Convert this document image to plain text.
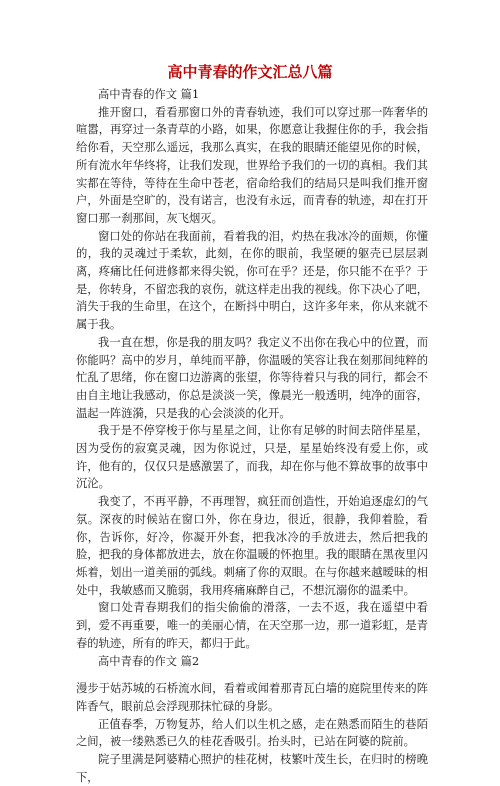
高中青春的作文汇总八篇

高中青春的作文 篇1

推开窗口，看看那窗口外的青春轨迹，我们可以穿过那一阵奢华的喧嚣，再穿过一条青草的小路，如果，你愿意让我握住你的手，我会指给你看，天空那么遥远，我那么真实，在我的眼睛还能望见你的时候，所有流水年华终将，让我们发现，世界给予我们的一切的真相。我们其实都在等待，等待在生命中苍老，宿命给我们的结局只是叫我们推开窗户，外面是空旷的，没有诺言，也没有永远，而青春的轨迹，却在打开窗口那一刹那间，灰飞烟灭。

窗口处的你站在我面前，看着我的泪，灼热在我冰冷的面颊，你懂的，我的灵魂过于柔软，此刻，在你的眼前，我坚硬的躯壳已层层剥离，疼痛比任何进修都来得尖锐，你可在乎？还是，你只能不在乎？于是，你转身，不留恋我的哀伤，就这样走出我的视线。你下决心了吧，消失于我的生命里，在这个，在断抖中明白，这许多年来，你从来就不属于我。

我一直在想，你是我的朋友吗？我定义不出你在我心中的位置，而你能吗？高中的岁月，单纯而平静，你温暖的笑容让我在刻那间纯粹的忙乱了思绪，你在窗口边游离的张望，你等待着只与我的同行，都会不由自主地让我感动，你总是淡淡一笑，像晨光一般透明，纯净的面容，温起一阵涟漪，只是我的心会淡淡的化开。

我于是不停穿梭于你与星星之间，让你有足够的时间去陪伴星星，因为受伤的寂寞灵魂，因为你说过，只是，星星始终没有爱上你，或许，他有的，仅仅只是感激罢了，而我，却在你与他不算故事的故事中沉沦。

我变了，不再平静，不再理智，疯狂而创造性，开始追逐虚幻的气氛。深夜的时候站在窗口外，你在身边，很近，很静，我仰着脸，看你，告诉你，好冷，你凝开外套，把我冰冷的手放进去，然后把我的脸，把我的身体都放进去，放在你温暖的怀抱里。我的眼睛在黑夜里闪烁着，划出一道美丽的弧线。刺痛了你的双眼。在与你越来越暧昧的相处中，我敏感而又脆弱，我用疼痛麻醉自己，不想沉溺你的温柔中。

窗口处青春期我们的指尖偷偷的滑落，一去不返，我在遥望中看到，爱不再重要，唯一的美丽心情，在天空那一边，那一道彩虹，是青春的轨迹，所有的昨天，都归于此。

高中青春的作文 篇2

漫步于姑苏城的石桥流水间，看着或闻着那青瓦白墙的庭院里传来的阵阵香气，眼前总会浮现那抹忙碌的身影。

正值春季，万物复苏，给人们以生机之感，走在熟悉而陌生的巷陌之间，被一缕熟悉已久的桂花香吸引。抬头时，已站在阿婆的院前。

院子里满是阿婆精心照护的桂花树，枝繁叶茂生长，在归时的榜晚下，
